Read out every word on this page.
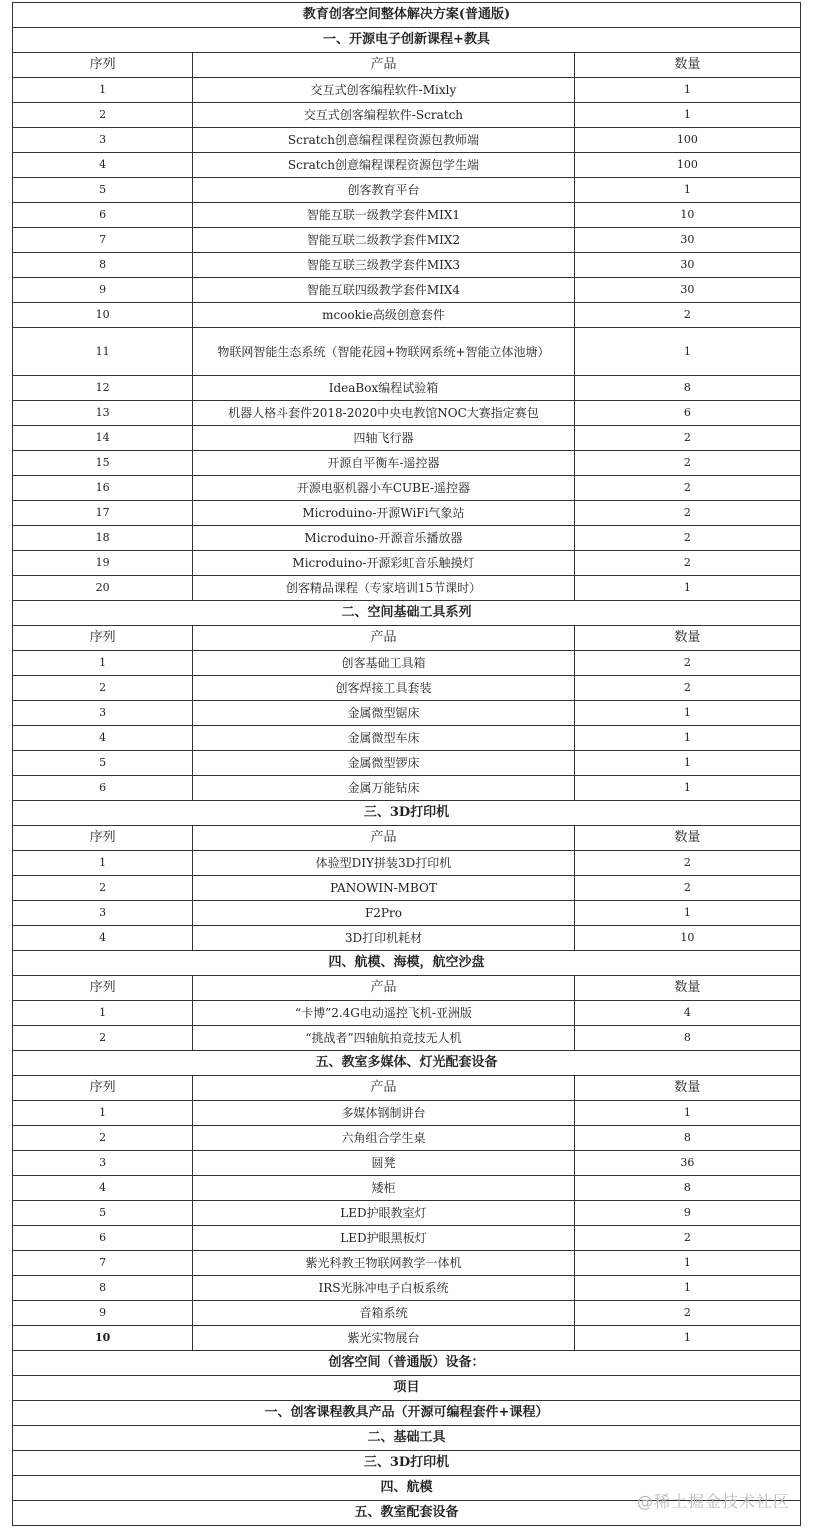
教育创客空间整体解决方案(普通版)		
一、开源电子创新课程+教具		
序列	产品	数量
1	交互式创客编程软件-Mixly	1
2	交互式创客编程软件-Scratch	1
3	Scratch创意编程课程资源包教师端	100
4	Scratch创意编程课程资源包学生端	100
5	创客教育平台	1
6	智能互联一级教学套件MIX1	10
7	智能互联二级教学套件MIX2	30
8	智能互联三级教学套件MIX3	30
9	智能互联四级教学套件MIX4	30
10	mcookie高级创意套件	2
11	物联网智能生态系统（智能花园+物联网系统+智能立体池塘）	1
12	IdeaBox编程试验箱	8
13	机器人格斗套件2018-2020中央电教馆NOC大赛指定赛包	6
14	四轴飞行器	2
15	开源自平衡车-遥控器	2
16	开源电驱机器小车CUBE-遥控器	2
17	Microduino-开源WiFi气象站	2
18	Microduino-开源音乐播放器	2
19	Microduino-开源彩虹音乐触摸灯	2
20	创客精品课程（专家培训15节课时）	1
二、空间基础工具系列		
序列	产品	数量
1	创客基础工具箱	2
2	创客焊接工具套装	2
3	金属微型锯床	1
4	金属微型车床	1
5	金属微型锣床	1
6	金属万能钻床	1
三、3D打印机		
序列	产品	数量
1	体验型DIY拼装3D打印机	2
2	PANOWIN-MBOT	2
3	F2Pro	1
4	3D打印机耗材	10
四、航模、海模，航空沙盘		
序列	产品	数量
1	“卡博”2.4G电动遥控飞机-亚洲版	4
2	“挑战者”四轴航拍竞技无人机	8
五、教室多媒体、灯光配套设备		
序列	产品	数量
1	多媒体钢制讲台	1
2	六角组合学生桌	8
3	圆凳	36
4	矮柜	8
5	LED护眼教室灯	9
6	LED护眼黑板灯	2
7	紫光科教王物联网教学一体机	1
8	IRS光脉冲电子白板系统	1
9	音箱系统	2
10	紫光实物展台	1
创客空间（普通版）设备：		
项目		
一、创客课程教具产品（开源可编程套件+课程）		
二、基础工具		
三、3D打印机		
四、航模		
五、教室配套设备		
@稀土掘金技术社区
